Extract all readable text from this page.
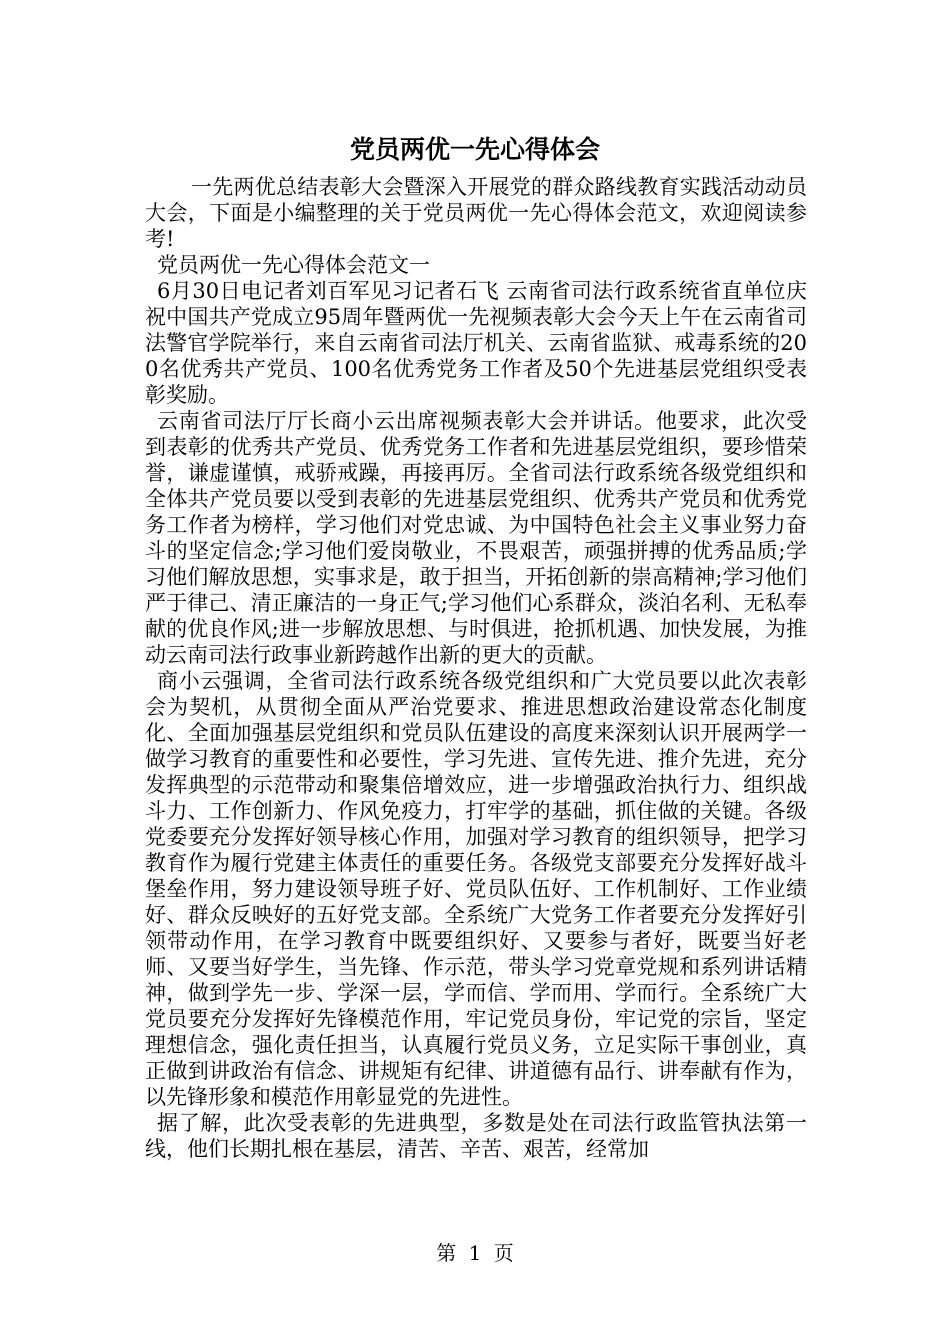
党员两优一先心得体会

一先两优总结表彰大会暨深入开展党的群众路线教育实践活动动员大会，下面是小编整理的关于党员两优一先心得体会范文，欢迎阅读参考!

党员两优一先心得体会范文一

6月30日电记者刘百军见习记者石飞 云南省司法行政系统省直单位庆祝中国共产党成立95周年暨两优一先视频表彰大会今天上午在云南省司法警官学院举行，来自云南省司法厅机关、云南省监狱、戒毒系统的200名优秀共产党员、100名优秀党务工作者及50个先进基层党组织受表彰奖励。

云南省司法厅厅长商小云出席视频表彰大会并讲话。他要求，此次受到表彰的优秀共产党员、优秀党务工作者和先进基层党组织，要珍惜荣誉，谦虚谨慎，戒骄戒躁，再接再厉。全省司法行政系统各级党组织和全体共产党员要以受到表彰的先进基层党组织、优秀共产党员和优秀党务工作者为榜样，学习他们对党忠诚、为中国特色社会主义事业努力奋斗的坚定信念;学习他们爱岗敬业，不畏艰苦，顽强拼搏的优秀品质;学习他们解放思想，实事求是，敢于担当，开拓创新的崇高精神;学习他们严于律己、清正廉洁的一身正气;学习他们心系群众，淡泊名利、无私奉献的优良作风;进一步解放思想、与时俱进，抢抓机遇、加快发展，为推动云南司法行政事业新跨越作出新的更大的贡献。

商小云强调，全省司法行政系统各级党组织和广大党员要以此次表彰会为契机，从贯彻全面从严治党要求、推进思想政治建设常态化制度化、全面加强基层党组织和党员队伍建设的高度来深刻认识开展两学一做学习教育的重要性和必要性，学习先进、宣传先进、推介先进，充分发挥典型的示范带动和聚集倍增效应，进一步增强政治执行力、组织战斗力、工作创新力、作风免疫力，打牢学的基础，抓住做的关键。各级党委要充分发挥好领导核心作用，加强对学习教育的组织领导，把学习教育作为履行党建主体责任的重要任务。各级党支部要充分发挥好战斗堡垒作用，努力建设领导班子好、党员队伍好、工作机制好、工作业绩好、群众反映好的五好党支部。全系统广大党务工作者要充分发挥好引领带动作用，在学习教育中既要组织好、又要参与者好，既要当好老师、又要当好学生，当先锋、作示范，带头学习党章党规和系列讲话精神，做到学先一步、学深一层，学而信、学而用、学而行。全系统广大党员要充分发挥好先锋模范作用，牢记党员身份，牢记党的宗旨，坚定理想信念，强化责任担当，认真履行党员义务，立足实际干事创业，真正做到讲政治有信念、讲规矩有纪律、讲道德有品行、讲奉献有作为，以先锋形象和模范作用彰显党的先进性。

据了解，此次受表彰的先进典型，多数是处在司法行政监管执法第一线，他们长期扎根在基层，清苦、辛苦、艰苦，经常加

第 1 页
